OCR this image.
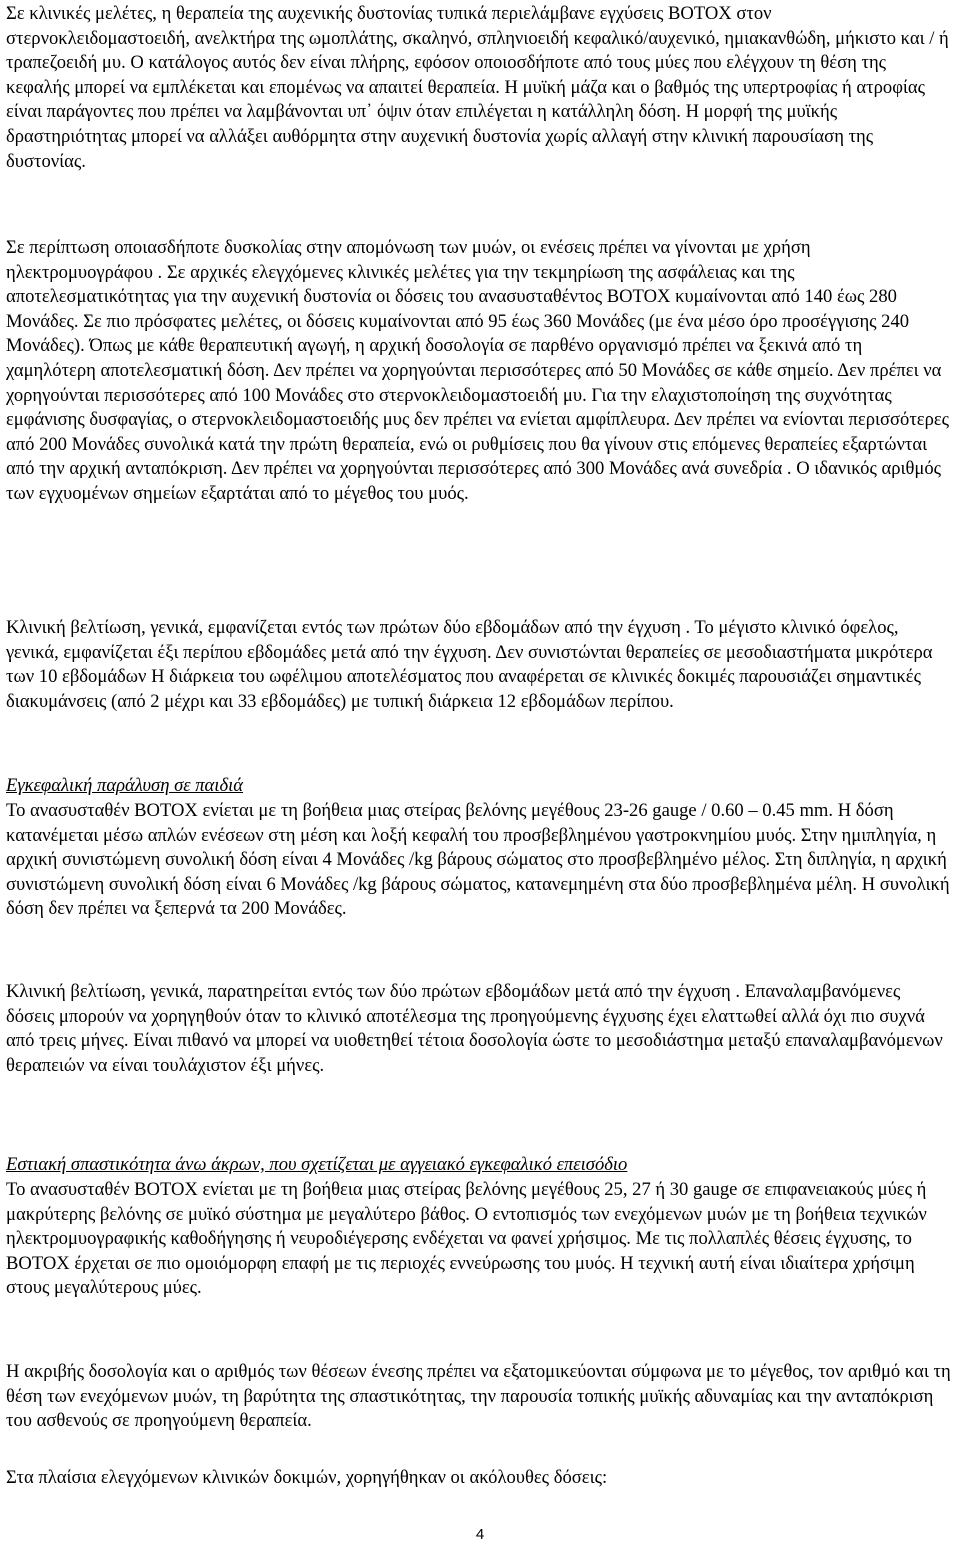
Σε κλινικές μελέτες, η θεραπεία της αυχενικής δυστονίας τυπικά περιελάμβανε εγχύσεις BOTOX στον στερνοκλειδομαστοειδή, ανελκτήρα της ωμοπλάτης, σκαληνό, σπληνιοειδή κεφαλικό/αυχενικό, ημιακανθώδη, μήκιστο και / ή τραπεζοειδή μυ. Ο κατάλογος αυτός δεν είναι πλήρης, εφόσον οποιοσδήποτε από τους μύες που ελέγχουν τη θέση της κεφαλής μπορεί να εμπλέκεται και επομένως να απαιτεί θεραπεία. Η μυϊκή μάζα και ο βαθμός της υπερτροφίας ή ατροφίας είναι παράγοντες που πρέπει να λαμβάνονται υπ᾽ όψιν όταν επιλέγεται η κατάλληλη δόση. Η μορφή της μυϊκής δραστηριότητας μπορεί να αλλάξει αυθόρμητα στην αυχενική δυστονία χωρίς αλλαγή στην κλινική παρουσίαση της δυστονίας.

Σε περίπτωση οποιασδήποτε δυσκολίας στην απομόνωση των μυών, οι ενέσεις πρέπει να γίνονται με χρήση ηλεκτρομυογράφου . Σε αρχικές ελεγχόμενες κλινικές μελέτες για την τεκμηρίωση της ασφάλειας και της αποτελεσματικότητας για την αυχενική δυστονία οι δόσεις του ανασυσταθέντος BOTOX κυμαίνονται από 140 έως 280 Μονάδες. Σε πιο πρόσφατες μελέτες, οι δόσεις κυμαίνονται από 95 έως 360 Μονάδες (με ένα μέσο όρο προσέγγισης 240 Μονάδες). Όπως με κάθε θεραπευτική αγωγή, η αρχική δοσολογία σε παρθένο οργανισμό πρέπει να ξεκινά από τη χαμηλότερη αποτελεσματική δόση. Δεν πρέπει να χορηγούνται περισσότερες από 50 Μονάδες σε κάθε σημείο. Δεν πρέπει να χορηγούνται περισσότερες από 100 Μονάδες στο στερνοκλειδομαστοειδή μυ. Για την ελαχιστοποίηση της συχνότητας εμφάνισης δυσφαγίας, ο στερνοκλειδομαστοειδής μυς δεν πρέπει να ενίεται αμφίπλευρα. Δεν πρέπει να ενίονται περισσότερες από 200 Μονάδες συνολικά κατά την πρώτη θεραπεία, ενώ οι ρυθμίσεις που θα γίνουν στις επόμενες θεραπείες εξαρτώνται από την αρχική ανταπόκριση. Δεν πρέπει να χορηγούνται περισσότερες από 300 Μονάδες ανά συνεδρία . Ο ιδανικός αριθμός των εγχυομένων σημείων εξαρτάται από το μέγεθος του μυός.

Κλινική βελτίωση, γενικά, εμφανίζεται εντός των πρώτων δύο εβδομάδων από την έγχυση . Το μέγιστο κλινικό όφελος, γενικά, εμφανίζεται έξι περίπου εβδομάδες μετά από την έγχυση. Δεν συνιστώνται θεραπείες σε μεσοδιαστήματα μικρότερα των 10 εβδομάδων Η διάρκεια του ωφέλιμου αποτελέσματος που αναφέρεται σε κλινικές δοκιμές παρουσιάζει σημαντικές διακυμάνσεις (από 2 μέχρι και 33 εβδομάδες) με τυπική διάρκεια 12 εβδομάδων περίπου.

Εγκεφαλική παράλυση σε παιδιά

Το ανασυσταθέν BOTOX ενίεται με τη βοήθεια μιας στείρας βελόνης μεγέθους 23-26 gauge / 0.60 – 0.45 mm. Η δόση κατανέμεται μέσω απλών ενέσεων στη μέση και λοξή κεφαλή του προσβεβλημένου γαστροκνημίου μυός. Στην ημιπληγία, η αρχική συνιστώμενη συνολική δόση είναι 4 Μονάδες /kg βάρους σώματος στο προσβεβλημένο μέλος. Στη διπληγία, η αρχική συνιστώμενη συνολική δόση είναι 6 Μονάδες /kg βάρους σώματος, κατανεμημένη στα δύο προσβεβλημένα μέλη. Η συνολική δόση δεν πρέπει να ξεπερνά τα 200 Μονάδες.

Κλινική βελτίωση, γενικά, παρατηρείται εντός των δύο πρώτων εβδομάδων μετά από την έγχυση . Επαναλαμβανόμενες δόσεις μπορούν να χορηγηθούν όταν το κλινικό αποτέλεσμα της προηγούμενης έγχυσης έχει ελαττωθεί αλλά όχι πιο συχνά από τρεις μήνες. Είναι πιθανό να μπορεί να υιοθετηθεί τέτοια δοσολογία ώστε το μεσοδιάστημα μεταξύ επαναλαμβανόμενων θεραπειών να είναι τουλάχιστον έξι μήνες.

Εστιακή σπαστικότητα άνω άκρων, που σχετίζεται με αγγειακό εγκεφαλικό επεισόδιο

Το ανασυσταθέν BOTOX ενίεται με τη βοήθεια μιας στείρας βελόνης μεγέθους 25, 27 ή 30 gauge σε επιφανειακούς μύες ή μακρύτερης βελόνης σε μυϊκό σύστημα με μεγαλύτερο βάθος. Ο εντοπισμός των ενεχόμενων μυών με τη βοήθεια τεχνικών ηλεκτρομυογραφικής καθοδήγησης ή νευροδιέγερσης ενδέχεται να φανεί χρήσιμος. Με τις πολλαπλές θέσεις έγχυσης, το BOTOX έρχεται σε πιο ομοιόμορφη επαφή με τις περιοχές εννεύρωσης του μυός. Η τεχνική αυτή είναι ιδιαίτερα χρήσιμη στους μεγαλύτερους μύες.

Η ακριβής δοσολογία και ο αριθμός των θέσεων ένεσης πρέπει να εξατομικεύονται σύμφωνα με το μέγεθος, τον αριθμό και τη θέση των ενεχόμενων μυών, τη βαρύτητα της σπαστικότητας, την παρουσία τοπικής μυϊκής αδυναμίας και την ανταπόκριση του ασθενούς σε προηγούμενη θεραπεία.

Στα πλαίσια ελεγχόμενων κλινικών δοκιμών, χορηγήθηκαν οι ακόλουθες δόσεις:

4
